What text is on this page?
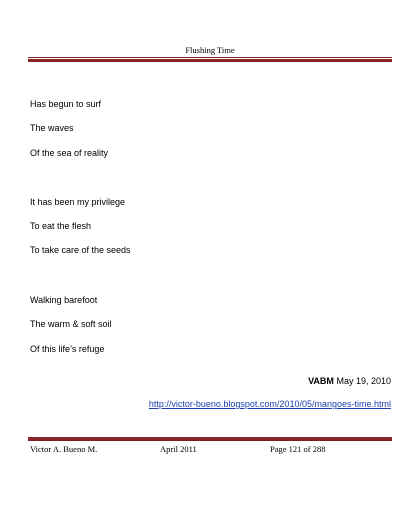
Flushing Time
Has begun to surf
The waves
Of the sea of reality
It has been my privilege
To eat the flesh
To take care of the seeds
Walking barefoot
The warm & soft soil
Of this life’s refuge
VABM May 19, 2010
http://victor-bueno.blogspot.com/2010/05/mangoes-time.html
Victor A. Bueno M.	April 2011	Page 121 of 288
